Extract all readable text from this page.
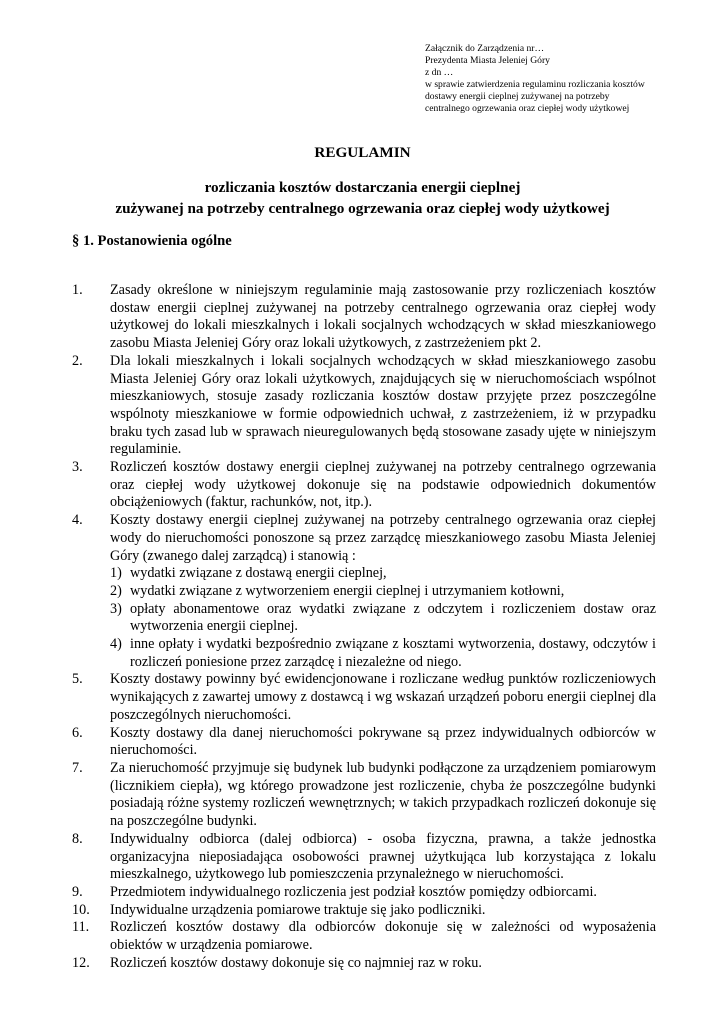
Załącznik do Zarządzenia nr…
Prezydenta Miasta Jeleniej Góry
z dn …
w sprawie zatwierdzenia regulaminu rozliczania kosztów
dostawy energii cieplnej zużywanej na potrzeby
centralnego ogrzewania oraz ciepłej wody użytkowej
REGULAMIN
rozliczania kosztów dostarczania energii cieplnej
zużywanej na potrzeby centralnego ogrzewania oraz ciepłej wody użytkowej
§ 1. Postanowienia ogólne
1.	Zasady określone w niniejszym regulaminie mają zastosowanie przy rozliczeniach kosztów dostaw energii cieplnej zużywanej na potrzeby centralnego ogrzewania oraz ciepłej wody użytkowej do lokali mieszkalnych i lokali socjalnych wchodzących w skład mieszkaniowego zasobu Miasta Jeleniej Góry oraz lokali użytkowych, z zastrzeżeniem pkt 2.
2.	Dla lokali mieszkalnych i lokali socjalnych wchodzących w skład mieszkaniowego zasobu Miasta Jeleniej Góry oraz lokali użytkowych, znajdujących się w nieruchomościach wspólnot mieszkaniowych, stosuje zasady rozliczania kosztów dostaw przyjęte przez poszczególne wspólnoty mieszkaniowe w formie odpowiednich uchwał, z zastrzeżeniem, iż w przypadku braku tych zasad lub w sprawach nieuregulowanych będą stosowane zasady ujęte w niniejszym regulaminie.
3.	Rozliczeń kosztów dostawy energii cieplnej zużywanej na potrzeby centralnego ogrzewania oraz ciepłej wody użytkowej dokonuje się na podstawie odpowiednich dokumentów obciążeniowych (faktur, rachunków, not, itp.).
4.	Koszty dostawy energii cieplnej zużywanej na potrzeby centralnego ogrzewania oraz ciepłej wody do nieruchomości ponoszone są przez zarządcę mieszkaniowego zasobu Miasta Jeleniej Góry (zwanego dalej zarządcą) i stanowią :
1) wydatki związane z dostawą energii cieplnej,
2) wydatki związane z wytworzeniem energii cieplnej i utrzymaniem kotłowni,
3) opłaty abonamentowe oraz wydatki związane z odczytem i rozliczeniem dostaw oraz wytworzenia energii cieplnej.
4) inne opłaty i wydatki bezpośrednio związane z kosztami wytworzenia, dostawy, odczytów i rozliczeń poniesione przez zarządcę i niezależne od niego.
5.	Koszty dostawy powinny być ewidencjonowane i rozliczane według punktów rozliczeniowych wynikających z zawartej umowy z dostawcą i wg wskazań urządzeń poboru energii cieplnej dla poszczególnych nieruchomości.
6.	Koszty dostawy dla danej nieruchomości pokrywane są przez indywidualnych odbiorców w nieruchomości.
7.	Za nieruchomość przyjmuje się budynek lub budynki podłączone za urządzeniem pomiarowym (licznikiem ciepła), wg którego prowadzone jest rozliczenie, chyba że poszczególne budynki posiadają różne systemy rozliczeń wewnętrznych; w takich przypadkach rozliczeń dokonuje się na poszczególne budynki.
8.	Indywidualny odbiorca (dalej odbiorca) - osoba fizyczna, prawna, a także jednostka organizacyjna nieposiadająca osobowości prawnej użytkująca lub korzystająca z lokalu mieszkalnego, użytkowego lub pomieszczenia przynależnego w nieruchomości.
9.	Przedmiotem indywidualnego rozliczenia jest podział kosztów pomiędzy odbiorcami.
10.	Indywidualne urządzenia pomiarowe traktuje się jako podliczniki.
11.	Rozliczeń kosztów dostawy dla odbiorców dokonuje się w zależności od wyposażenia obiektów w urządzenia pomiarowe.
12.	Rozliczeń kosztów dostawy dokonuje się co najmniej raz w roku.
